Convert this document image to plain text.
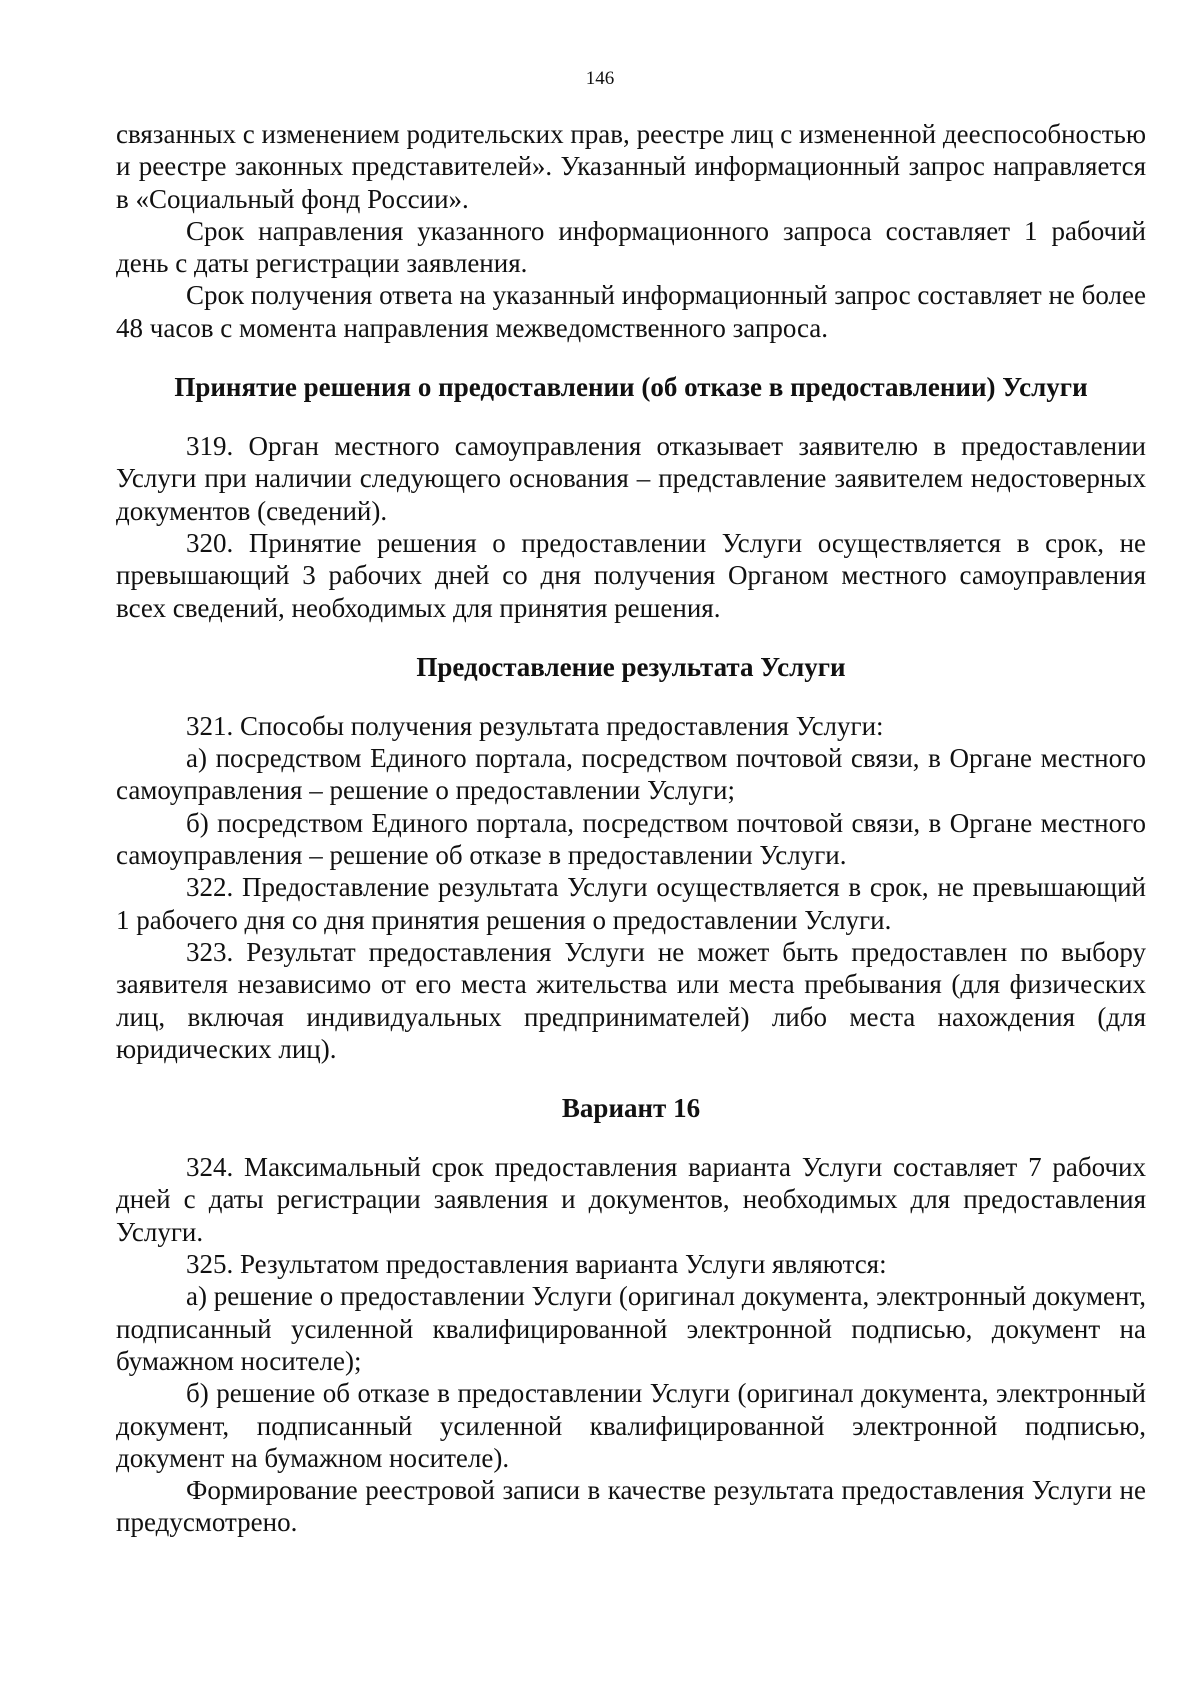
146

связанных с изменением родительских прав, реестре лиц с измененной дееспособностью и реестре законных представителей». Указанный информационный запрос направляется в «Социальный фонд России».

Срок направления указанного информационного запроса составляет 1 рабочий день с даты регистрации заявления.

Срок получения ответа на указанный информационный запрос составляет не более 48 часов с момента направления межведомственного запроса.

Принятие решения о предоставлении (об отказе в предоставлении) Услуги

319. Орган местного самоуправления отказывает заявителю в предоставлении Услуги при наличии следующего основания – представление заявителем недостоверных документов (сведений).

320. Принятие решения о предоставлении Услуги осуществляется в срок, не превышающий 3 рабочих дней со дня получения Органом местного самоуправления всех сведений, необходимых для принятия решения.

Предоставление результата Услуги

321. Способы получения результата предоставления Услуги:

а) посредством Единого портала, посредством почтовой связи, в Органе местного самоуправления – решение о предоставлении Услуги;

б) посредством Единого портала, посредством почтовой связи, в Органе местного самоуправления – решение об отказе в предоставлении Услуги.

322. Предоставление результата Услуги осуществляется в срок, не превышающий 1 рабочего дня со дня принятия решения о предоставлении Услуги.

323. Результат предоставления Услуги не может быть предоставлен по выбору заявителя независимо от его места жительства или места пребывания (для физических лиц, включая индивидуальных предпринимателей) либо места нахождения (для юридических лиц).

Вариант 16

324. Максимальный срок предоставления варианта Услуги составляет 7 рабочих дней с даты регистрации заявления и документов, необходимых для предоставления Услуги.

325. Результатом предоставления варианта Услуги являются:

а) решение о предоставлении Услуги (оригинал документа, электронный документ, подписанный усиленной квалифицированной электронной подписью, документ на бумажном носителе);

б) решение об отказе в предоставлении Услуги (оригинал документа, электронный документ, подписанный усиленной квалифицированной электронной подписью, документ на бумажном носителе).

Формирование реестровой записи в качестве результата предоставления Услуги не предусмотрено.
